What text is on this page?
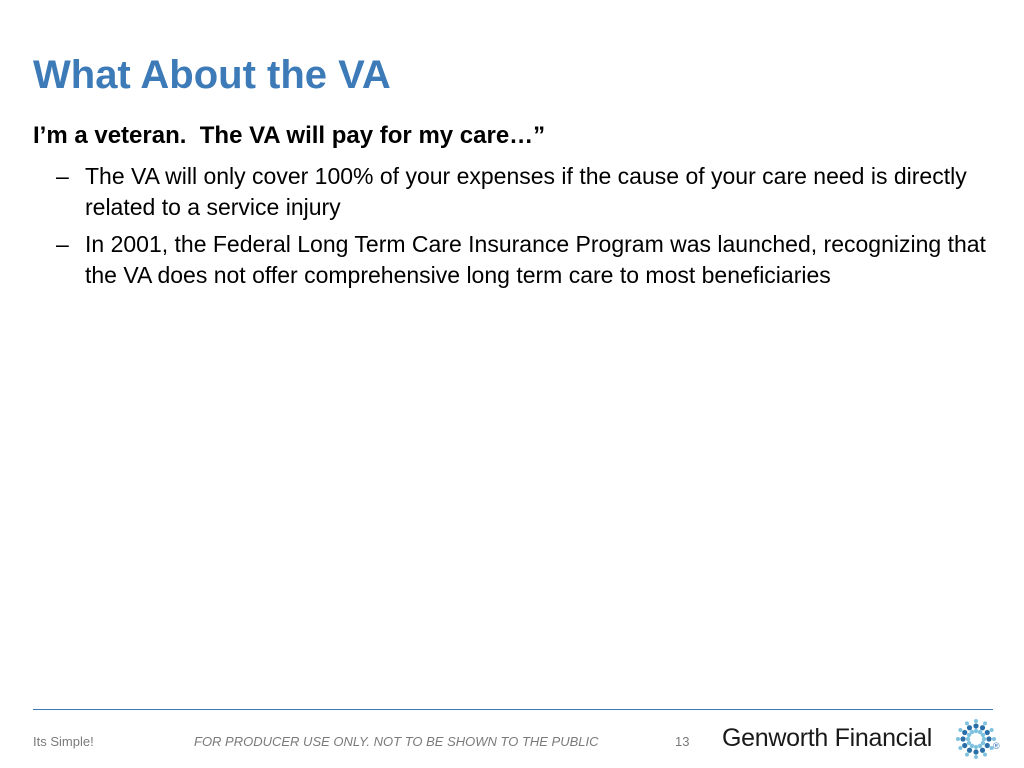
What About the VA

I’m a veteran.  The VA will pay for my care…”

– The VA will only cover 100% of your expenses if the cause of your care need is directly related to a service injury
– In 2001, the Federal Long Term Care Insurance Program was launched, recognizing that the VA does not offer comprehensive long term care to most beneficiaries
Its Simple!	FOR PRODUCER USE ONLY. NOT TO BE SHOWN TO THE PUBLIC	13 Genworth Financial	®
